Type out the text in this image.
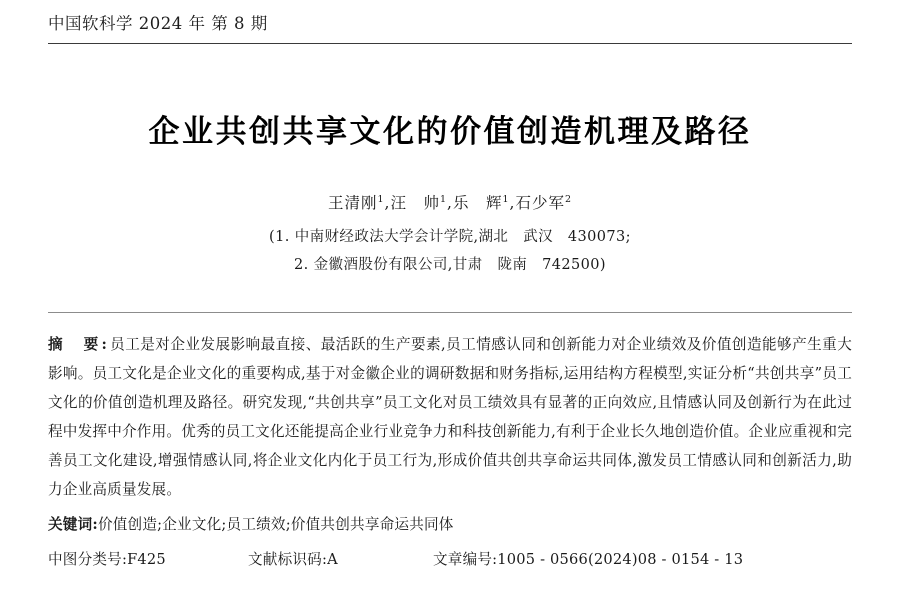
中国软科学 2024 年 第 8 期
企业共创共享文化的价值创造机理及路径
王清刚$^1$,汪　帅$^1$,乐　辉$^1$,石少军$^2$
(1. 中南财经政法大学会计学院,湖北　武汉　430073;
2. 金徽酒股份有限公司,甘肃　陇南　742500)
摘　要:员工是对企业发展影响最直接、最活跃的生产要素,员工情感认同和创新能力对企业绩效及价值创造能够产生重大影响。员工文化是企业文化的重要构成,基于对金徽企业的调研数据和财务指标,运用结构方程模型,实证分析“共创共享”员工文化的价值创造机理及路径。研究发现,“共创共享”员工文化对员工绩效具有显著的正向效应,且情感认同及创新行为在此过程中发挥中介作用。优秀的员工文化还能提高企业行业竞争力和科技创新能力,有利于企业长久地创造价值。企业应重视和完善员工文化建设,增强情感认同,将企业文化内化于员工行为,形成价值共创共享命运共同体,激发员工情感认同和创新活力,助力企业高质量发展。
关键词:价值创造;企业文化;员工绩效;价值共创共享命运共同体
中图分类号:F425	文献标识码:A	文章编号:1005 - 0566(2024)08 - 0154 - 13
